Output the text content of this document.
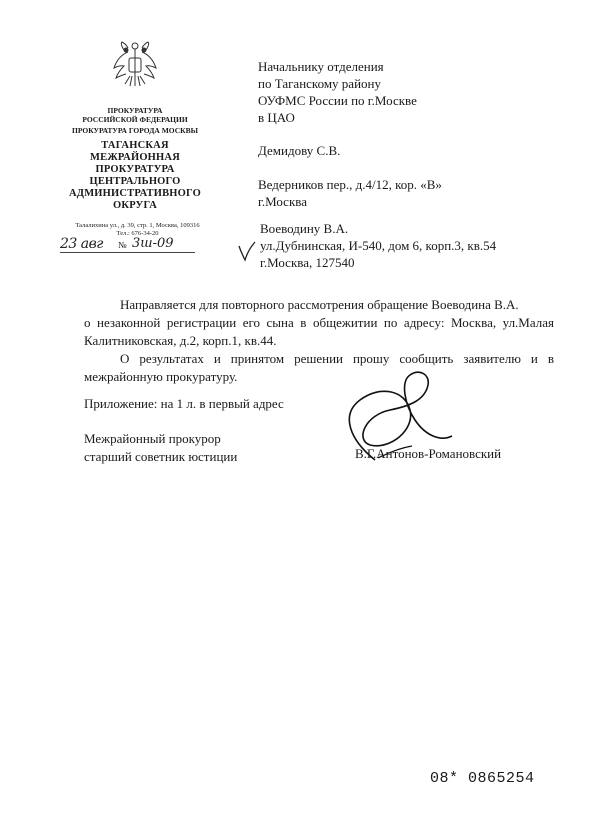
ПРОКУРАТУРА
РОССИЙСКОЙ ФЕДЕРАЦИИ
ПРОКУРАТУРА ГОРОДА МОСКВЫ
ТАГАНСКАЯ
МЕЖРАЙОННАЯ
ПРОКУРАТУРА
ЦЕНТРАЛЬНОГО
АДМИНИСТРАТИВНОГО
ОКРУГА
Талалихина ул., д. 39, стр. 1, Москва, 109316
Тел.: 676-34-20
23 авг № 3ш-09
Начальнику отделения
по Таганскому району
ОУФМС России по г.Москве
в ЦАО
Демидову С.В.
Ведерников пер., д.4/12, кор. «В»
г.Москва
Воеводину В.А.
ул.Дубнинская, И-540, дом 6, корп.3, кв.54
г.Москва, 127540
Направляется для повторного рассмотрения обращение Воеводина В.А.
о незаконной регистрации его сына в общежитии по адресу: Москва, ул.Малая Калитниковская, д.2, корп.1, кв.44.
О результатах и принятом решении прошу сообщить заявителю и в межрайонную прокуратуру.
Приложение: на 1 л. в первый адрес
Межрайонный прокурор
старший советник юстиции	В.Г.Антонов-Романовский
08* 0865254
